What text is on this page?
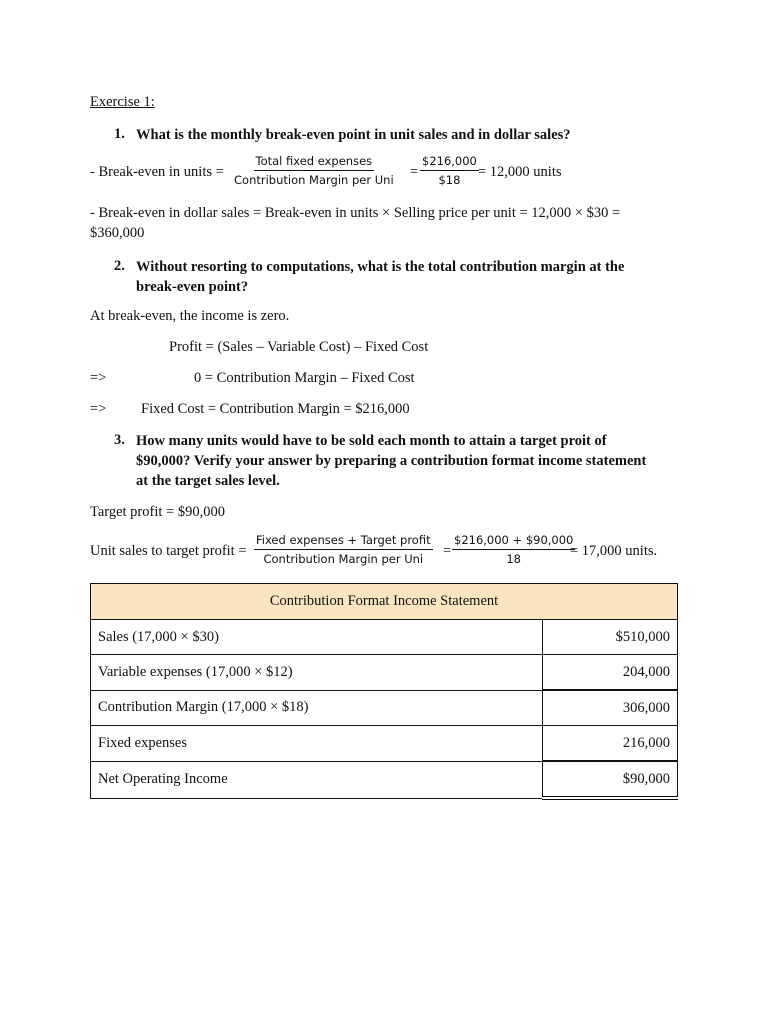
Exercise 1:
1. What is the monthly break-even point in unit sales and in dollar sales?
- Break-even in units =
Total fixed expenses
Contribution Margin per Uni = $\frac{\$216,000}{\$18} = 12,000$ units
- Break-even in dollar sales = Break-even in units × Selling price per unit = 12,000 × $30 =
$360,000
2. Without resorting to computations, what is the total contribution margin at the
break-even point?
At break-even, the income is zero.
Profit = (Sales – Variable Cost) – Fixed Cost
=>	0 = Contribution Margin – Fixed Cost
=> Fixed Cost = Contribution Margin = $216,000
3. How many units would have to be sold each month to attain a target proit of
$90,000? Verify your answer by preparing a contribution format income statement
at the target sales level.
Target profit = $90,000
Unit sales to target profit =
Fixed expenses + Target profit
Contribution Margin per Uni = $\frac{\$216,000 + \$90,000}{18}$
= 17,000 units.
Contribution Format Income Statement	
Sales (17,000 × $30)	$510,000
Variable expenses (17,000 × $12)	204,000
Contribution Margin (17,000 × $18)	306,000
Fixed expenses	216,000
Net Operating Income	$90,000
